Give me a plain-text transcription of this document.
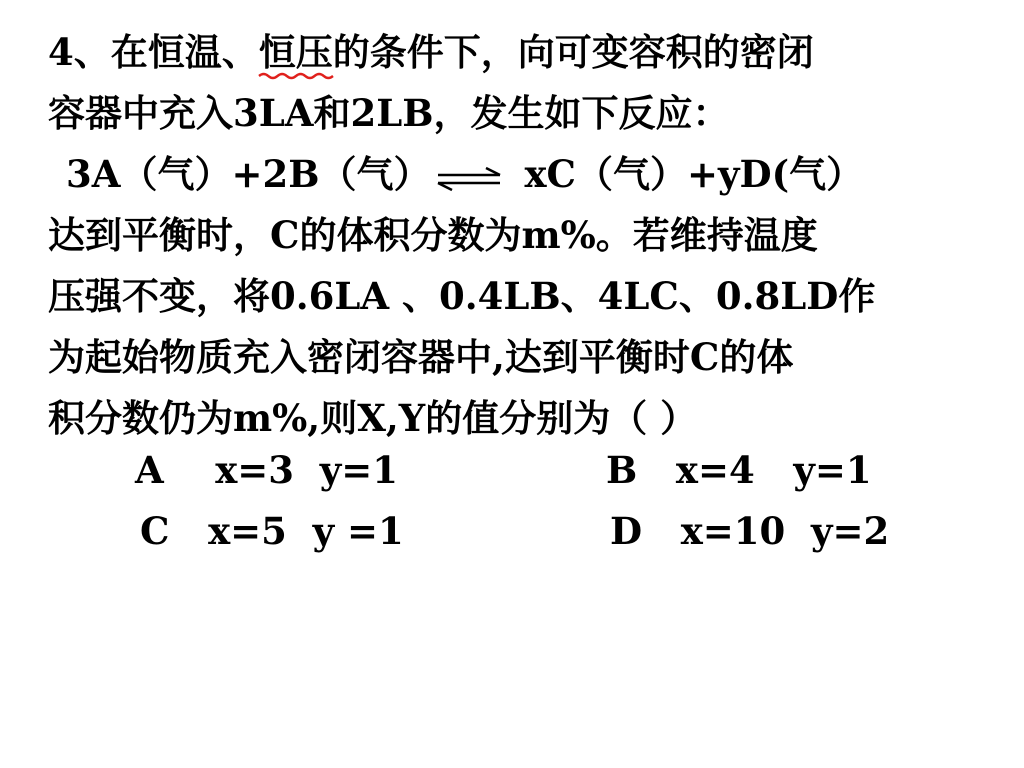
4、在恒温、恒压
的条件下，向可变容积的密闭
容器中充入3LA和2LB，发生如下反应：
3A（气）+2B（气）⇌ xC（气）+yD(气）
达到平衡时，C的体积分数为m%。若维持温度
压强不变，将0.6LA 、0.4LB、4LC、0.8LD作
为起始物质充入密闭容器中,达到平衡时C的体
积分数仍为m%,则X,Y的值分别为（ ）
A    x=3  y=1	B   x=4   y=1
C   x=5  y =1	D   x=10  y=2
